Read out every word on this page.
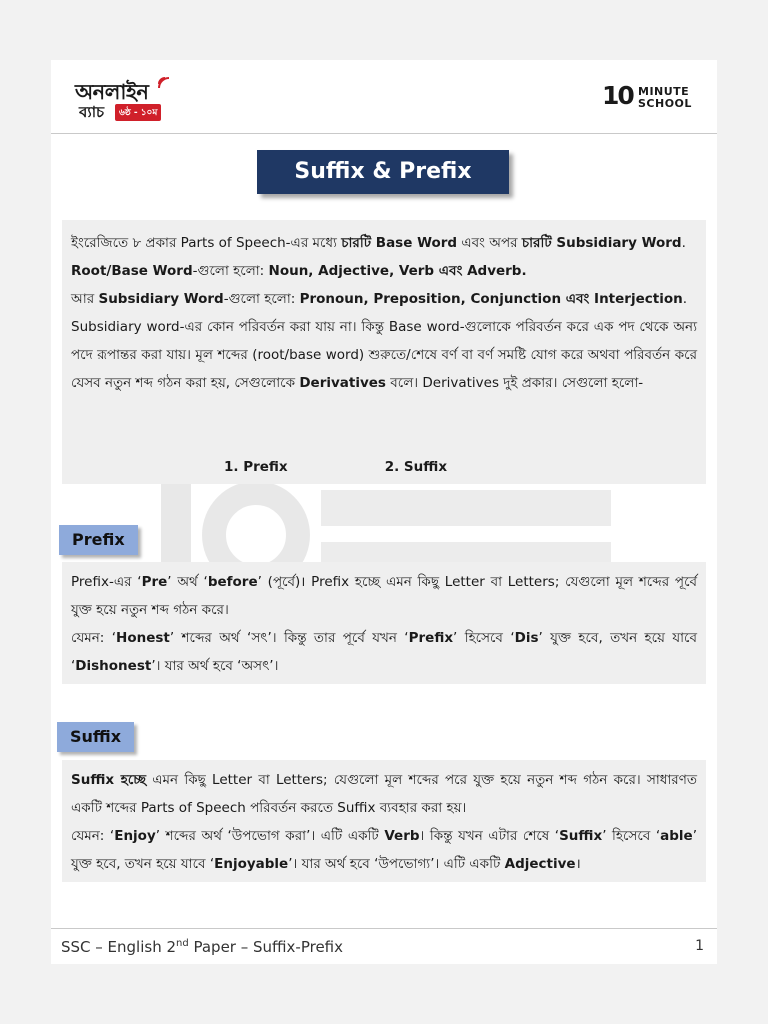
অনলাইন
ব্যাচ	৬ষ্ঠ - ১০ম
10 MINUTE
SCHOOL
Suffix & Prefix

ইংরেজিতে ৮ প্রকার Parts of Speech-এর মধ্যে চারটি Base Word এবং অপর চারটি Subsidiary Word.

Root/Base Word-গুলো হলো: Noun, Adjective, Verb এবং Adverb.

আর Subsidiary Word-গুলো হলো: Pronoun, Preposition, Conjunction এবং Interjection.

Subsidiary word-এর কোন পরিবর্তন করা যায় না। কিন্তু Base word-গুলোকে পরিবর্তন করে এক পদ থেকে অন্য পদে রূপান্তর করা যায়। মূল শব্দের (root/base word) শুরুতে/শেষে বর্ণ বা বর্ণ সমষ্টি যোগ করে অথবা পরিবর্তন করে যেসব নতুন শব্দ গঠন করা হয়, সেগুলোকে Derivatives বলে। Derivatives দুই প্রকার। সেগুলো হলো-

1. Prefix	2. Suffix
Prefix

Prefix-এর ‘Pre’ অর্থ ‘before’ (পূর্বে)। Prefix হচ্ছে এমন কিছু Letter বা Letters; যেগুলো মূল শব্দের পূর্বে যুক্ত হয়ে নতুন শব্দ গঠন করে।

যেমন: ‘Honest’ শব্দের অর্থ ‘সৎ’। কিন্তু তার পূর্বে যখন ‘Prefix’ হিসেবে ‘Dis’ যুক্ত হবে, তখন হয়ে যাবে ‘Dishonest’। যার অর্থ হবে ‘অসৎ’।

Suffix

Suffix হচ্ছে এমন কিছু Letter বা Letters; যেগুলো মূল শব্দের পরে যুক্ত হয়ে নতুন শব্দ গঠন করে। সাধারণত একটি শব্দের Parts of Speech পরিবর্তন করতে Suffix ব্যবহার করা হয়।

যেমন: ‘Enjoy’ শব্দের অর্থ ‘উপভোগ করা’। এটি একটি Verb। কিন্তু যখন এটার শেষে ‘Suffix’ হিসেবে ‘able’ যুক্ত হবে, তখন হয়ে যাবে ‘Enjoyable’। যার অর্থ হবে ‘উপভোগ্য’। এটি একটি Adjective।

SSC – English 2nd Paper – Suffix-Prefix	1
